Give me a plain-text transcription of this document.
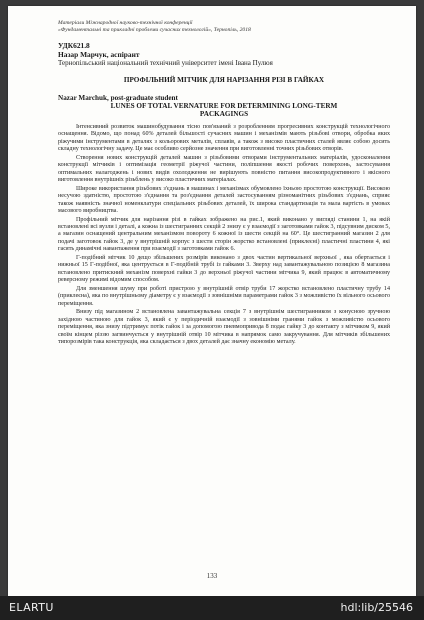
Матеріали Міжнародної науково-технічної конференції
«Фундаментальні та прикладні проблеми сучасних технологій», Тернопіль, 2018
УДК621.8
Назар Марчук, аспірант
Тернопільський національний технічний університет імені Івана Пулюя
ПРОФІЛЬНИЙ МІТЧИК ДЛЯ НАРІЗАННЯ РІЗІ В ГАЙКАХ
Nazar Marchuk, post-graduate student
LUNES OF TOTAL VERNATURE FOR DETERMINING LONG-TERM
PACKAGINGS

Інтенсивний розвиток машинобудування тісно пов'язаний з розробленням прогресивних конструкцій технологічного оснащення. Відомо, що понад 60% деталей більшості сучасних машин і механізмів мають різьбові отвори, обробка яких ріжучими інструментами в деталях з кольорових металів, сплавів, а також з високо пластичних сталей являє собою досить складну технологічну задачу. Це має особливо серйозне значення при виготовленні точних різьбових отворів.

Створення нових конструкцій деталей машин з різьбовими отворами інструментальних матеріалів, удосконалення конструкції мітчиків і оптимізація геометрії ріжучої частини, поліпшення якості робочих поверхонь, застосування оптимальних налагоджень і нових видів охолодження не вирішують повністю питання високопродуктивного і якісного виготовлення внутрішніх різьблень у високо пластичних матеріалах.

Широке використання різьбових з'єднань в машинах і механізмах обумовлено їхньою простотою конструкції. Високою несучою здатністю, простотою з'єднання та роз'єднання деталей застосуванням різноманітних різьбових з'єднань, сприяє також наявність значної номенклатури спеціальних різьбових деталей, їх широка стандартизація та мала вартість в умовах масового виробництва.

Профільний мітчик для нарізання різі в гайках зображено на рис.1, який виконано у вигляді станини 1, на якій встановлені всі вузли і деталі, а кожна із шестигранних секцій 2 знизу є у взаємодії з заготовками гайок 3, підсувним диском 5, а магазин оснащений центральним механізмом повороту 6 кожної із шести секцій на 60°. Це шестигранний магазин 2 для подачі заготовок гайок 3, де у внутрішній корпус з шести сторін жорстко встановлені (приклеєні) пластичні пластини 4, які гасять динамічні навантаження при взаємодії з заготовками гайок 6.

Г-подібний мітчик 10 дещо збільшених розмірів виконано з двох частин вертикальної верхньої , яка обертається і нижньої 15 Г-подібної, яка центрується в Г-подібній трубі із гайками 3. Зверху над завантажувальною позицією 8 магазина встановлено притискний механізм поверхні гайки 3 до верхньої ріжучої частини мітчика 9, який працює в автоматичному реверсному режимі відомим способом.

Для зменшення шуму при роботі пристрою у внутрішній отвір труби 17 жорстко встановлено пластичну трубу 14 (приклеєна), яка по внутрішньому діаметру є у взаємодії з зовнішніми параметрами гайок 3 з можливістю їх вільного осьового переміщення.

Внизу під магазином 2 встановлена завантажувальна секція 7 з внутрішнім шестигранником з конусною зручною західною частиною для гайок 3, який є у періодичній взаємодії з зовнішніми гранями гайок з можливістю осьового переміщення, яка знизу підтримує потік гайок і за допомогою пневмопривода 8 подає гайку 3 до контакту з мітчиком 9, який своїм кінцем різзю загвинчується у внутрішній отвір 10 мітчика в напрямок само закручування. Для мітчиків збільшених типорозмірів така конструкція, яка складається з двох деталей дає значну економію металу.

133
ELARTU	hdl:lib/25546
